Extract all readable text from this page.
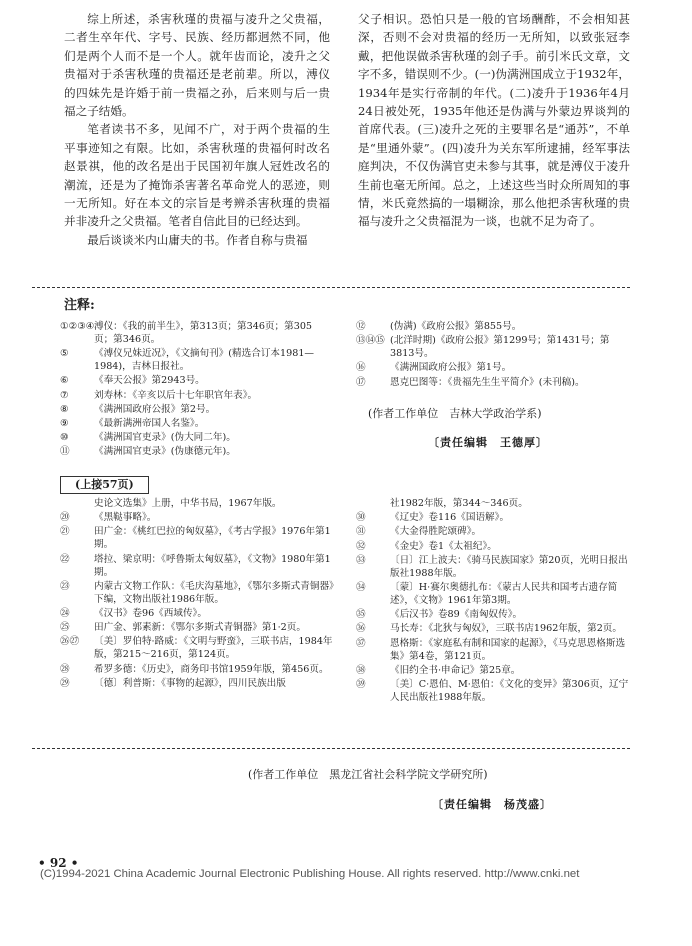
综上所述，杀害秋瑾的贵福与凌升之父贵福，二者生卒年代、字号、民族、经历都迥然不同，他们是两个人而不是一个人。就年齿而论，凌升之父贵福对于杀害秋瑾的贵福还是老前辈。所以，溥仪的四妹先是许婚于前一贵福之孙，后来则与后一贵福之子结婚。

笔者读书不多，见闻不广，对于两个贵福的生平事迹知之有限。比如，杀害秋瑾的贵福何时改名赵景祺，他的改名是出于民国初年旗人冠姓改名的潮流，还是为了掩饰杀害著名革命党人的恶迹，则一无所知。好在本文的宗旨是考辨杀害秋瑾的贵福并非凌升之父贵福。笔者自信此目的已经达到。

最后谈谈米内山庸夫的书。作者自称与贵福

父子相识。恐怕只是一般的官场酬酢，不会相知甚深，否则不会对贵福的经历一无所知，以致张冠李戴，把他误做杀害秋瑾的刽子手。前引米氏文章，文字不多，错误则不少。(一)伪满洲国成立于1932年，1934年是实行帝制的年代。(二)凌升于1936年4月24日被处死，1935年他还是伪满与外蒙边界谈判的首席代表。(三)凌升之死的主要罪名是“通苏”，不单是“里通外蒙”。(四)凌升为关东军所逮捕，经军事法庭判决，不仅伪满官吏未参与其事，就是溥仪于凌升生前也毫无所闻。总之，上述这些当时众所周知的事情，米氏竟然搞的一塌糊涂，那么他把杀害秋瑾的贵福与凌升之父贵福混为一谈，也就不足为奇了。

注释:
①②③④ 溥仪：《我的前半生》，第313页；第346页；第305页；第346页。
⑤	《溥仪兄妹近况》，《文摘旬刊》(精选合订本1981—1984)，吉林日报社。
⑥	《奉天公报》第2943号。
⑦	刘寿林：《辛亥以后十七年职官年表》。
⑧	《满洲国政府公报》第2号。
⑨	《最新满洲帝国人名鉴》。
⑩	《满洲国官吏录》(伪大同二年)。
⑪	《满洲国官吏录》(伪康德元年)。
⑫	(伪满)《政府公报》第855号。
⑬⑭⑮ (北洋时期)《政府公报》第1299号；第1431号；第3813号。
⑯	《满洲国政府公报》第1号。
⑰	恩克巴图等：《贵福先生生平简介》(未刊稿)。
(作者工作单位　吉林大学政治学系)
〔责任编辑　王德厚〕
(上接57页)
史论文选集》上册，中华书局，1967年版。
⑳	《黑鞑事略》。
㉑	田广金：《桃红巴拉的匈奴墓》，《考古学报》1976年第1期。
㉒	塔拉、梁京明：《呼鲁斯太匈奴墓》，《文物》1980年第1期。
㉓	内蒙古文物工作队：《毛庆沟墓地》，《鄂尔多斯式青铜器》下编，文物出版社1986年版。
㉔	《汉书》卷96《西域传》。
㉕	田广金、郭素新：《鄂尔多斯式青铜器》第1·2页。
㉖㉗	〔美〕罗伯特·路威：《文明与野蛮》，三联书店，1984年版，第215～216页，第124页。
㉘	希罗多德：《历史》，商务印书馆1959年版，第456页。
㉙	〔德〕利普斯：《事物的起源》，四川民族出版
社1982年版，第344～346页。
㉚	《辽史》卷116《国语解》。
㉛	《大金得胜陀颂碑》。
㉜	《金史》卷1《太祖纪》。
㉝	〔日〕江上波夫：《骑马民族国家》第20页，光明日报出版社1988年版。
㉞	〔蒙〕H·赛尔奥德扎布：《蒙古人民共和国考古遗存简述》，《文物》1961年第3期。
㉟	《后汉书》卷89《南匈奴传》。
㊱	马长寿：《北狄与匈奴》，三联书店1962年版，第2页。
㊲	恩格斯：《家庭私有制和国家的起源》，《马克思恩格斯选集》第4卷，第121页。
㊳	《旧约全书·申命记》第25章。
㊴	〔美〕C·恩伯、M·恩伯：《文化的变异》第306页，辽宁人民出版社1988年版。
(作者工作单位　黑龙江省社会科学院文学研究所)
〔责任编辑　杨茂盛〕
• 92 •
(C)1994-2021 China Academic Journal Electronic Publishing House. All rights reserved. http://www.cnki.net
